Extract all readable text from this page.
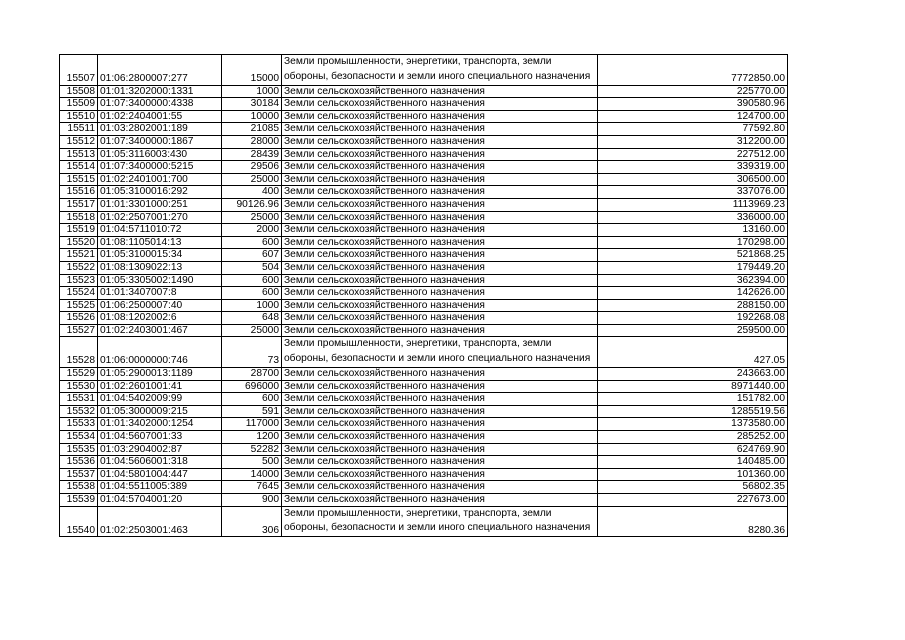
15507	01:06:2800007:277	15000	Земли промышленности, энергетики, транспорта, земли обороны, безопасности и земли иного специального назначения	7772850.00
15508	01:01:3202000:1331	1000	Земли сельскохозяйственного назначения	225770.00
15509	01:07:3400000:4338	30184	Земли сельскохозяйственного назначения	390580.96
15510	01:02:2404001:55	10000	Земли сельскохозяйственного назначения	124700.00
15511	01:03:2802001:189	21085	Земли сельскохозяйственного назначения	77592.80
15512	01:07:3400000:1867	28000	Земли сельскохозяйственного назначения	312200.00
15513	01:05:3116003:430	28439	Земли сельскохозяйственного назначения	227512.00
15514	01:07:3400000:5215	29506	Земли сельскохозяйственного назначения	339319.00
15515	01:02:2401001:700	25000	Земли сельскохозяйственного назначения	306500.00
15516	01:05:3100016:292	400	Земли сельскохозяйственного назначения	337076.00
15517	01:01:3301000:251	90126.96	Земли сельскохозяйственного назначения	1113969.23
15518	01:02:2507001:270	25000	Земли сельскохозяйственного назначения	336000.00
15519	01:04:5711010:72	2000	Земли сельскохозяйственного назначения	13160.00
15520	01:08:1105014:13	600	Земли сельскохозяйственного назначения	170298.00
15521	01:05:3100015:34	607	Земли сельскохозяйственного назначения	521868.25
15522	01:08:1309022:13	504	Земли сельскохозяйственного назначения	179449.20
15523	01:05:3305002:1490	600	Земли сельскохозяйственного назначения	362394.00
15524	01:01:3407007:8	600	Земли сельскохозяйственного назначения	142626.00
15525	01:06:2500007:40	1000	Земли сельскохозяйственного назначения	288150.00
15526	01:08:1202002:6	648	Земли сельскохозяйственного назначения	192268.08
15527	01:02:2403001:467	25000	Земли сельскохозяйственного назначения	259500.00
15528	01:06:0000000:746	73	Земли промышленности, энергетики, транспорта, земли обороны, безопасности и земли иного специального назначения	427.05
15529	01:05:2900013:1189	28700	Земли сельскохозяйственного назначения	243663.00
15530	01:02:2601001:41	696000	Земли сельскохозяйственного назначения	8971440.00
15531	01:04:5402009:99	600	Земли сельскохозяйственного назначения	151782.00
15532	01:05:3000009:215	591	Земли сельскохозяйственного назначения	1285519.56
15533	01:01:3402000:1254	117000	Земли сельскохозяйственного назначения	1373580.00
15534	01:04:5607001:33	1200	Земли сельскохозяйственного назначения	285252.00
15535	01:03:2904002:87	52282	Земли сельскохозяйственного назначения	624769.90
15536	01:04:5606001:318	500	Земли сельскохозяйственного назначения	140485.00
15537	01:04:5801004:447	14000	Земли сельскохозяйственного назначения	101360.00
15538	01:04:5511005:389	7645	Земли сельскохозяйственного назначения	56802.35
15539	01:04:5704001:20	900	Земли сельскохозяйственного назначения	227673.00
15540	01:02:2503001:463	306	Земли промышленности, энергетики, транспорта, земли обороны, безопасности и земли иного специального назначения	8280.36
